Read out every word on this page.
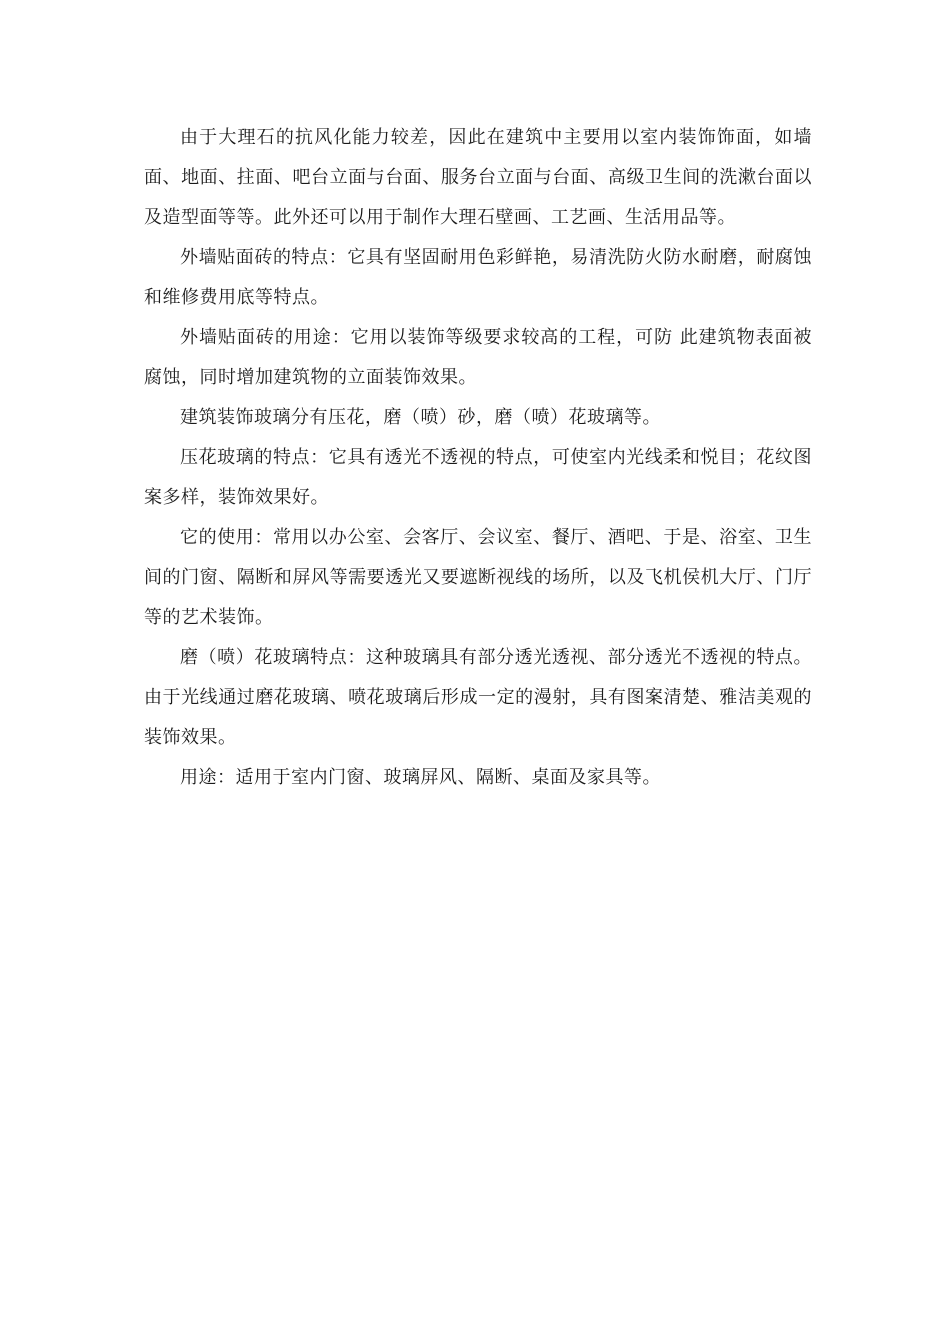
由于大理石的抗风化能力较差，因此在建筑中主要用以室内装饰饰面，如墙面、地面、拄面、吧台立面与台面、服务台立面与台面、高级卫生间的洗漱台面以及造型面等等。此外还可以用于制作大理石壁画、工艺画、生活用品等。

外墙贴面砖的特点：它具有坚固耐用色彩鲜艳，易清洗防火防水耐磨，耐腐蚀和维修费用底等特点。

外墙贴面砖的用途：它用以装饰等级要求较高的工程，可防 此建筑物表面被腐蚀，同时增加建筑物的立面装饰效果。

建筑装饰玻璃分有压花，磨（喷）砂，磨（喷）花玻璃等。

压花玻璃的特点：它具有透光不透视的特点，可使室内光线柔和悦目；花纹图案多样，装饰效果好。

它的使用：常用以办公室、会客厅、会议室、餐厅、酒吧、于是、浴室、卫生间的门窗、隔断和屏风等需要透光又要遮断视线的场所，以及飞机侯机大厅、门厅等的艺术装饰。

磨（喷）花玻璃特点：这种玻璃具有部分透光透视、部分透光不透视的特点。由于光线通过磨花玻璃、喷花玻璃后形成一定的漫射，具有图案清楚、雅洁美观的装饰效果。

用途：适用于室内门窗、玻璃屏风、隔断、桌面及家具等。
